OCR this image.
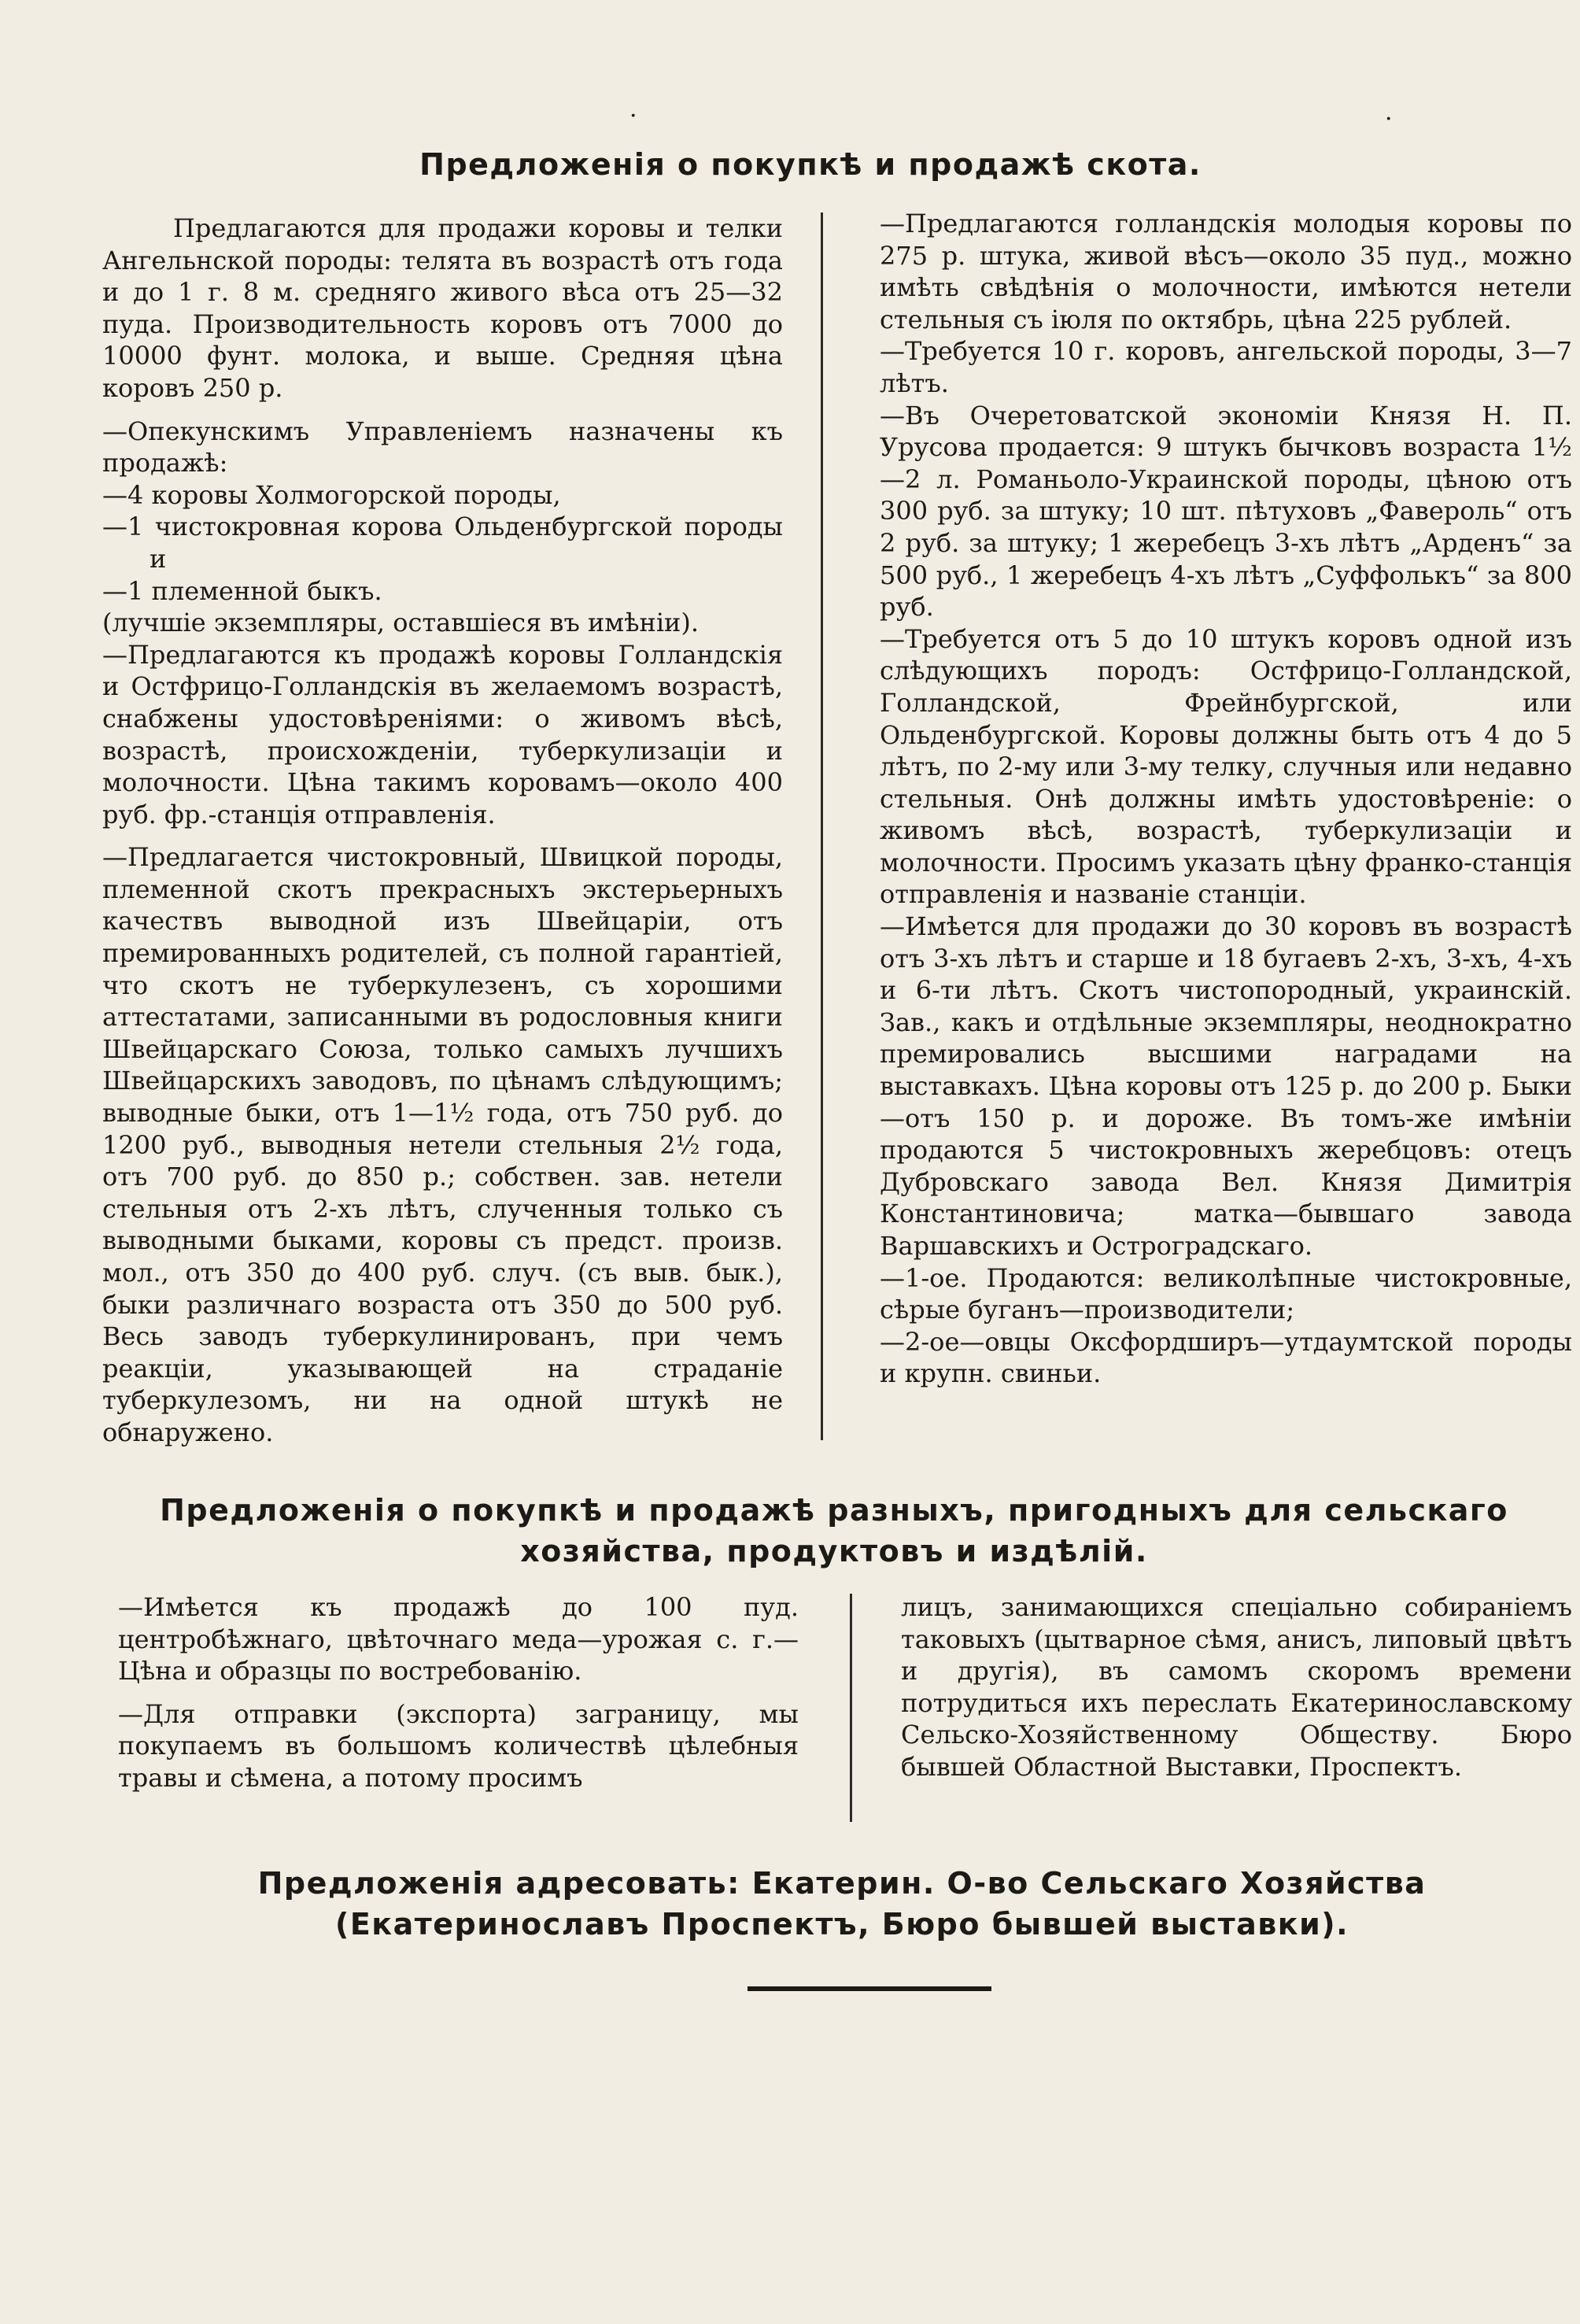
·	·
Предложенія о покупкѣ и продажѣ скота.

Предлагаются для продажи коровы и телки Ангельнской породы: телята въ возрастѣ отъ года и до 1 г. 8 м. средняго живого вѣса отъ 25—32 пуда. Производительность коровъ отъ 7000 до 10000 фунт. молока, и выше. Средняя цѣна коровъ 250 р.

—Опекунскимъ Управленіемъ назначены къ продажѣ:

—4 коровы Холмогорской породы,

—1 чистокровная корова Ольденбургской породы и

—1 племенной быкъ.

(лучшіе экземпляры, оставшіеся въ имѣніи).

—Предлагаются къ продажѣ коровы Голландскія и Остфрицо-Голландскія въ желаемомъ возрастѣ, снабжены удостовѣреніями: о живомъ вѣсѣ, возрастѣ, происхожденіи, туберкулизаціи и молочности. Цѣна такимъ коровамъ—около 400 руб. фр.-станція отправленія.

—Предлагается чистокровный, Швицкой породы, племенной скотъ прекрасныхъ экстерьерныхъ качествъ выводной изъ Швейцаріи, отъ премированныхъ родителей, съ полной гарантіей, что скотъ не туберкулезенъ, съ хорошими аттестатами, записанными въ родословныя книги Швейцарскаго Союза, только самыхъ лучшихъ Швейцарскихъ заводовъ, по цѣнамъ слѣдующимъ; выводные быки, отъ 1—1½ года, отъ 750 руб. до 1200 руб., выводныя нетели стельныя 2½ года, отъ 700 руб. до 850 р.; собствен. зав. нетели стельныя отъ 2-хъ лѣтъ, слученныя только съ выводными быками, коровы съ предст. произв. мол., отъ 350 до 400 руб. случ. (съ выв. бык.), быки различнаго возраста отъ 350 до 500 руб. Весь заводъ туберкулинированъ, при чемъ реакціи, указывающей на страданіе туберкулезомъ, ни на одной штукѣ не обнаружено.

—Предлагаются голландскія молодыя коровы по 275 р. штука, живой вѣсъ—около 35 пуд., можно имѣть свѣдѣнія о молочности, имѣются нетели стельныя съ іюля по октябрь, цѣна 225 рублей.

—Требуется 10 г. коровъ, ангельской породы, 3—7 лѣтъ.

—Въ Очеретоватской экономіи Князя Н. П. Урусова продается: 9 штукъ бычковъ возраста 1½—2 л. Романьоло-Украинской породы, цѣною отъ 300 руб. за штуку; 10 шт. пѣтуховъ „Фавероль“ отъ 2 руб. за штуку; 1 жеребецъ 3-хъ лѣтъ „Арденъ“ за 500 руб., 1 жеребецъ 4-хъ лѣтъ „Суффолькъ“ за 800 руб.

—Требуется отъ 5 до 10 штукъ коровъ одной изъ слѣдующихъ породъ: Остфрицо-Голландской, Голландской, Фрейнбургской, или Ольденбургской. Коровы должны быть отъ 4 до 5 лѣтъ, по 2-му или 3-му телку, случныя или недавно стельныя. Онѣ должны имѣть удостовѣреніе: о живомъ вѣсѣ, возрастѣ, туберкулизаціи и молочности. Просимъ указать цѣну франко-станція отправленія и названіе станціи.

—Имѣется для продажи до 30 коровъ въ возрастѣ отъ 3-хъ лѣтъ и старше и 18 бугаевъ 2-хъ, 3-хъ, 4-хъ и 6-ти лѣтъ. Скотъ чистопородный, украинскій. Зав., какъ и отдѣльные экземпляры, неоднократно премировались высшими наградами на выставкахъ. Цѣна коровы отъ 125 р. до 200 р. Быки—отъ 150 р. и дороже. Въ томъ-же имѣніи продаются 5 чистокровныхъ жеребцовъ: отецъ Дубровскаго завода Вел. Князя Димитрія Константиновича; матка—бывшаго завода Варшавскихъ и Остроградскаго.

—1-ое. Продаются: великолѣпные чистокровные, сѣрые буганъ—производители;

—2-ое—овцы Оксфордширъ—утдаумтской породы и крупн. свиньи.

Предложенія о покупкѣ и продажѣ разныхъ, пригодныхъ для сельскаго хозяйства, продуктовъ и издѣлій.

—Имѣется къ продажѣ до 100 пуд. центробѣжнаго, цвѣточнаго меда—урожая с. г.—Цѣна и образцы по востребованію.

—Для отправки (экспорта) заграницу, мы покупаемъ въ большомъ количествѣ цѣлебныя травы и сѣмена, а потому просимъ

лицъ, занимающихся спеціально собираніемъ таковыхъ (цытварное сѣмя, анисъ, липовый цвѣтъ и другія), въ самомъ скоромъ времени потрудиться ихъ переслать Екатеринославскому Сельско-Хозяйственному Обществу. Бюро бывшей Областной Выставки, Проспектъ.

Предложенія адресовать: Екатерин. О-во Сельскаго Хозяйства (Екатеринославъ Проспектъ, Бюро бывшей выставки).
